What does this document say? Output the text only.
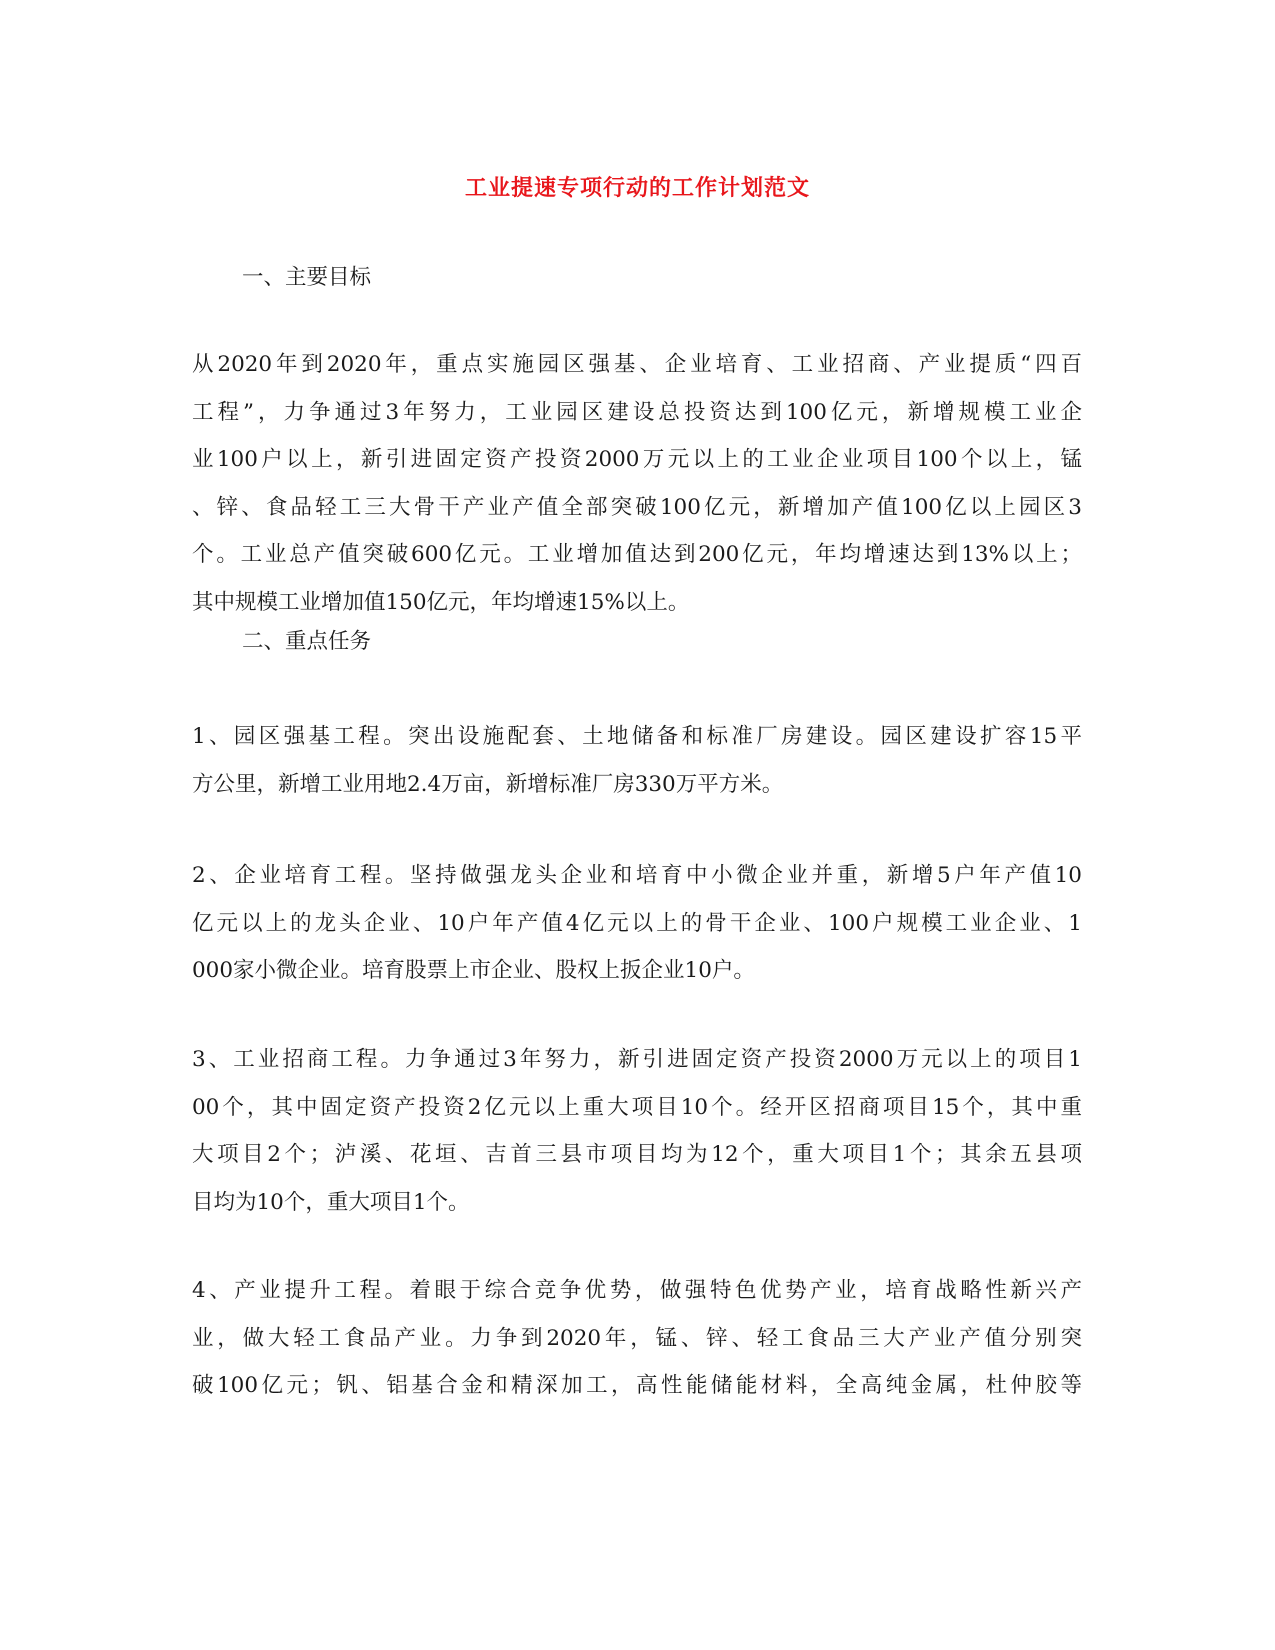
工业提速专项行动的工作计划范文
一、主要目标
从2020年到2020年，重点实施园区强基、企业培育、工业招商、产业提质“四百
工程”，力争通过3年努力，工业园区建设总投资达到100亿元，新增规模工业企
业100户以上，新引进固定资产投资2000万元以上的工业企业项目100个以上，锰
、锌、食品轻工三大骨干产业产值全部突破100亿元，新增加产值100亿以上园区3
个。工业总产值突破600亿元。工业增加值达到200亿元，年均增速达到13%以上；
其中规模工业增加值150亿元，年均增速15%以上。
二、重点任务
1、园区强基工程。突出设施配套、土地储备和标准厂房建设。园区建设扩容15平
方公里，新增工业用地2.4万亩，新增标准厂房330万平方米。
2、企业培育工程。坚持做强龙头企业和培育中小微企业并重，新增5户年产值10
亿元以上的龙头企业、10户年产值4亿元以上的骨干企业、100户规模工业企业、1
000家小微企业。培育股票上市企业、股权上扳企业10户。
3、工业招商工程。力争通过3年努力，新引进固定资产投资2000万元以上的项目1
00个，其中固定资产投资2亿元以上重大项目10个。经开区招商项目15个，其中重
大项目2个；泸溪、花垣、吉首三县市项目均为12个，重大项目1个；其余五县项
目均为10个，重大项目1个。
4、产业提升工程。着眼于综合竞争优势，做强特色优势产业，培育战略性新兴产
业，做大轻工食品产业。力争到2020年，锰、锌、轻工食品三大产业产值分别突
破100亿元；钒、铝基合金和精深加工，高性能储能材料，全高纯金属，杜仲胶等
